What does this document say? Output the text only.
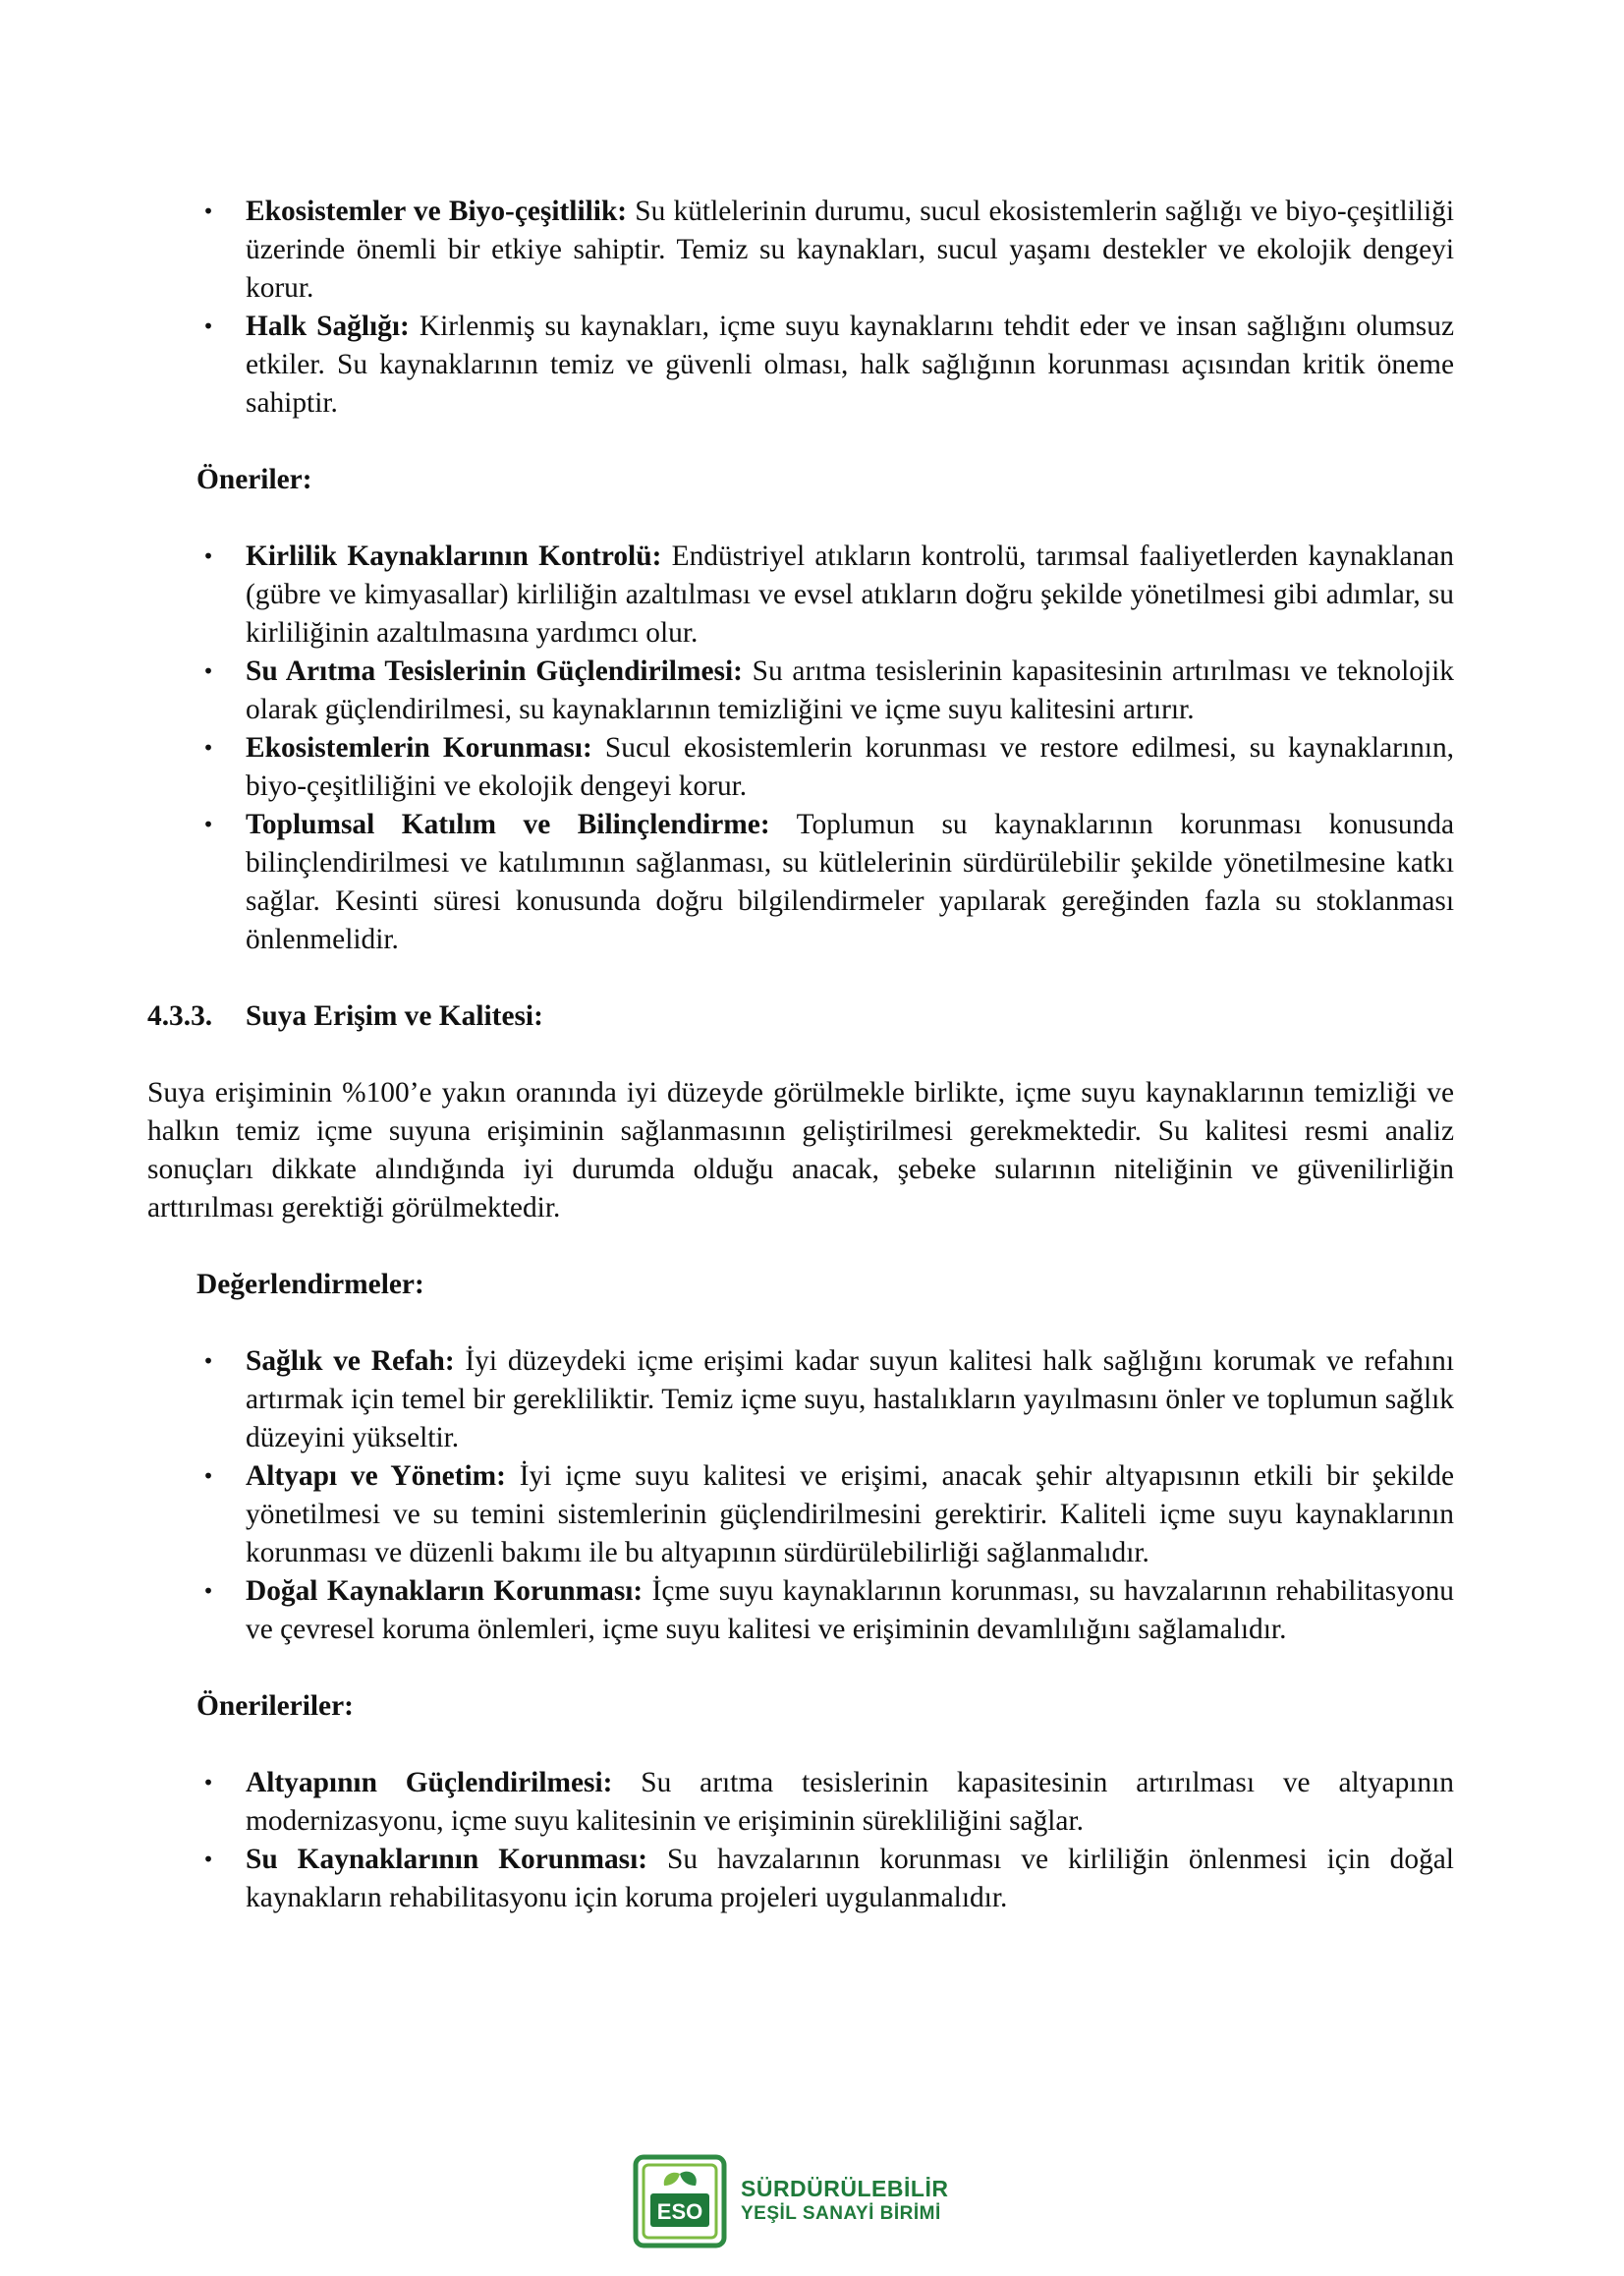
• Ekosistemler ve Biyo-çeşitlilik: Su kütlelerinin durumu, sucul ekosistemlerin sağlığı ve biyo-çeşitliliği üzerinde önemli bir etkiye sahiptir. Temiz su kaynakları, sucul yaşamı destekler ve ekolojik dengeyi korur.
• Halk Sağlığı: Kirlenmiş su kaynakları, içme suyu kaynaklarını tehdit eder ve insan sağlığını olumsuz etkiler. Su kaynaklarının temiz ve güvenli olması, halk sağlığının korunması açısından kritik öneme sahiptir.

Öneriler:

• Kirlilik Kaynaklarının Kontrolü: Endüstriyel atıkların kontrolü, tarımsal faaliyetlerden kaynaklanan (gübre ve kimyasallar) kirliliğin azaltılması ve evsel atıkların doğru şekilde yönetilmesi gibi adımlar, su kirliliğinin azaltılmasına yardımcı olur.
• Su Arıtma Tesislerinin Güçlendirilmesi: Su arıtma tesislerinin kapasitesinin artırılması ve teknolojik olarak güçlendirilmesi, su kaynaklarının temizliğini ve içme suyu kalitesini artırır.
• Ekosistemlerin Korunması: Sucul ekosistemlerin korunması ve restore edilmesi, su kaynaklarının, biyo-çeşitliliğini ve ekolojik dengeyi korur.
• Toplumsal Katılım ve Bilinçlendirme: Toplumun su kaynaklarının korunması konusunda bilinçlendirilmesi ve katılımının sağlanması, su kütlelerinin sürdürülebilir şekilde yönetilmesine katkı sağlar. Kesinti süresi konusunda doğru bilgilendirmeler yapılarak gereğinden fazla su stoklanması önlenmelidir.

4.3.3. Suya Erişim ve Kalitesi:

Suya erişiminin %100’e yakın oranında iyi düzeyde görülmekle birlikte, içme suyu kaynaklarının temizliği ve halkın temiz içme suyuna erişiminin sağlanmasının geliştirilmesi gerekmektedir. Su kalitesi resmi analiz sonuçları dikkate alındığında iyi durumda olduğu anacak, şebeke sularının niteliğinin ve güvenilirliğin arttırılması gerektiği görülmektedir.

Değerlendirmeler:

• Sağlık ve Refah: İyi düzeydeki içme erişimi kadar suyun kalitesi halk sağlığını korumak ve refahını artırmak için temel bir gerekliliktir. Temiz içme suyu, hastalıkların yayılmasını önler ve toplumun sağlık düzeyini yükseltir.
• Altyapı ve Yönetim: İyi içme suyu kalitesi ve erişimi, anacak şehir altyapısının etkili bir şekilde yönetilmesi ve su temini sistemlerinin güçlendirilmesini gerektirir. Kaliteli içme suyu kaynaklarının korunması ve düzenli bakımı ile bu altyapının sürdürülebilirliği sağlanmalıdır.
• Doğal Kaynakların Korunması: İçme suyu kaynaklarının korunması, su havzalarının rehabilitasyonu ve çevresel koruma önlemleri, içme suyu kalitesi ve erişiminin devamlılığını sağlamalıdır.

Önerileriler:

• Altyapının Güçlendirilmesi: Su arıtma tesislerinin kapasitesinin artırılması ve altyapının modernizasyonu, içme suyu kalitesinin ve erişiminin sürekliliğini sağlar.
• Su Kaynaklarının Korunması: Su havzalarının korunması ve kirliliğin önlenmesi için doğal kaynakların rehabilitasyonu için koruma projeleri uygulanmalıdır.
ESO
SÜRDÜRÜLEBİLİR
YEŞİL SANAYİ BİRİMİ
